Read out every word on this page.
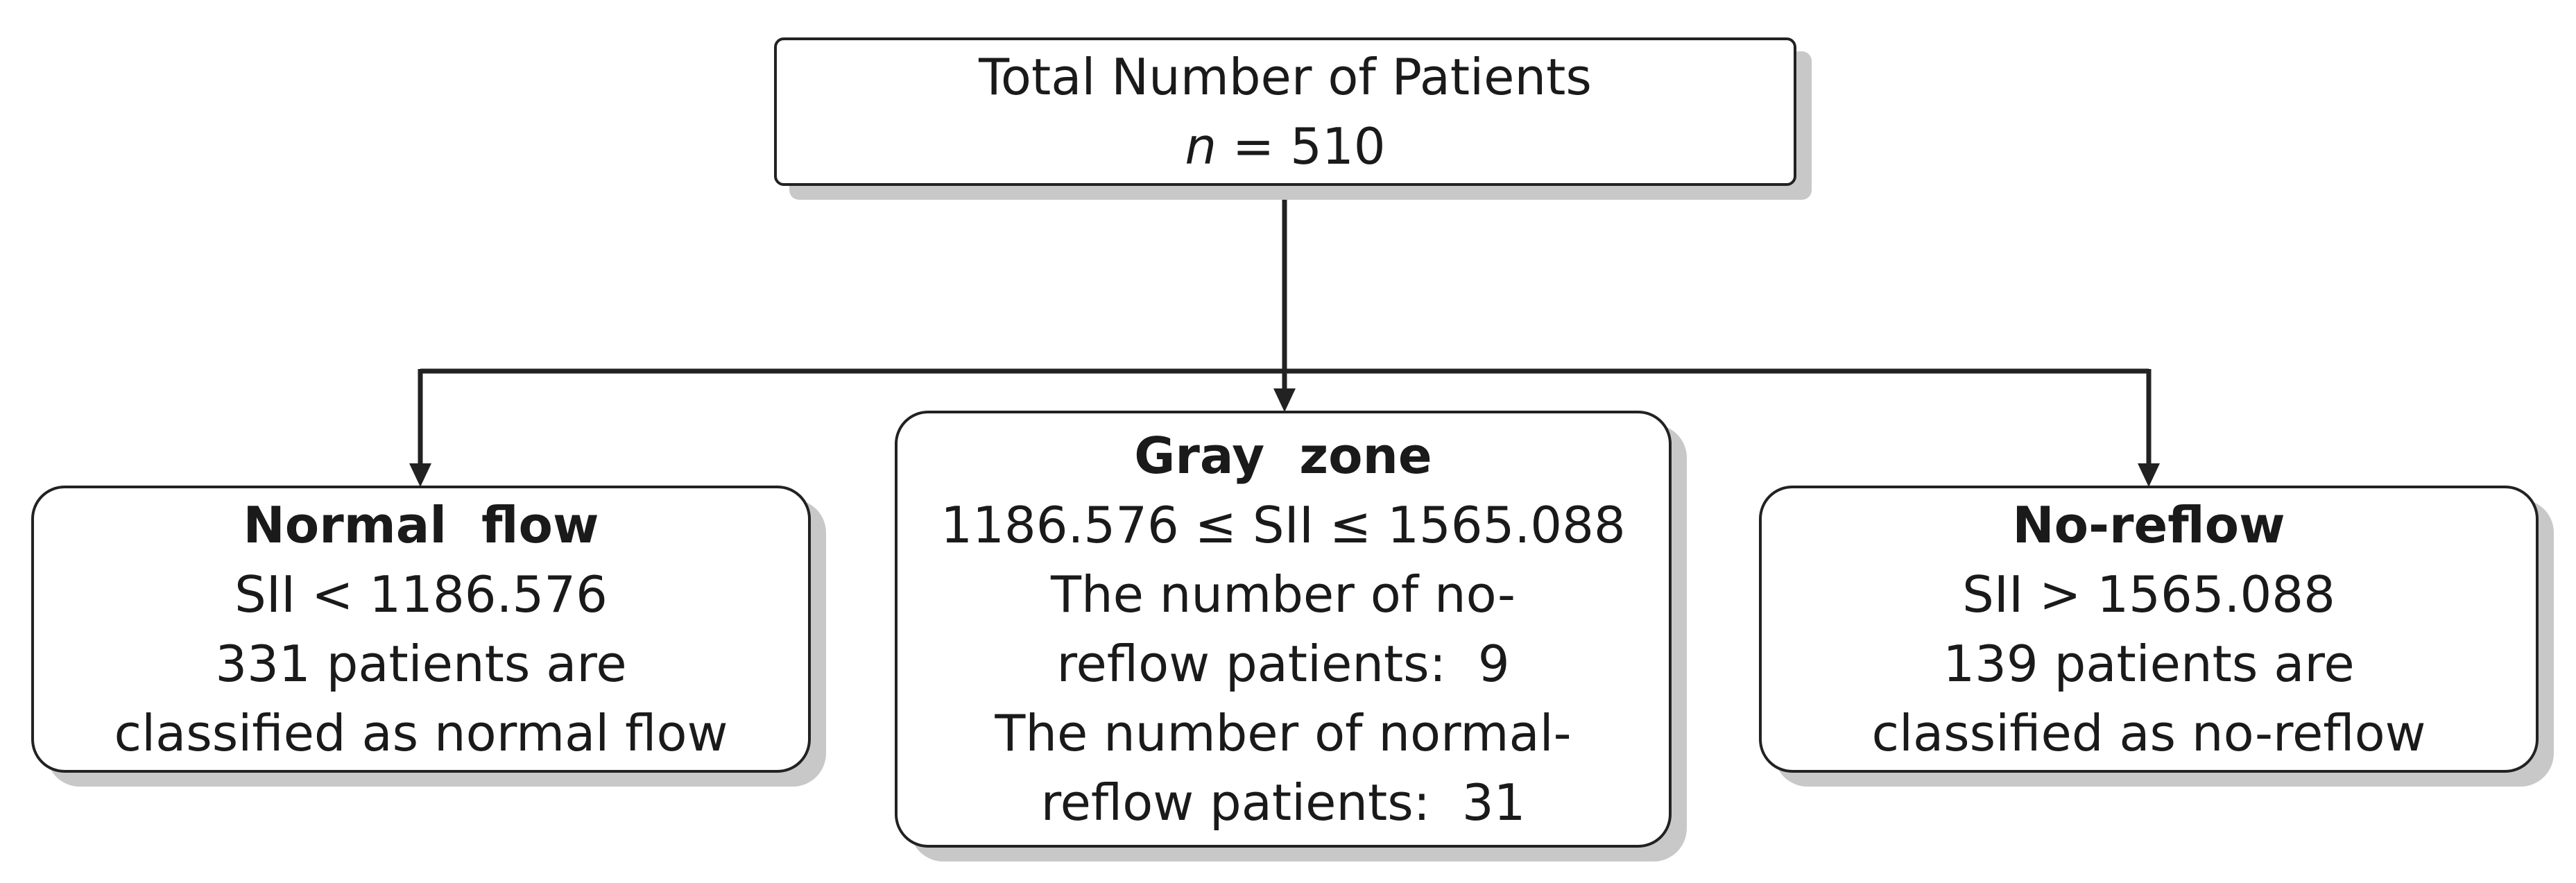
Total Number of Patients
n = 510
Normal  flow
SII < 1186.576
331 patients are
classified as normal flow
Gray  zone
1186.576 ≤ SII ≤ 1565.088
The number of no-
reflow patients:  9
The number of normal-
reflow patients:  31
No-reflow
SII > 1565.088
139 patients are
classified as no-reflow
